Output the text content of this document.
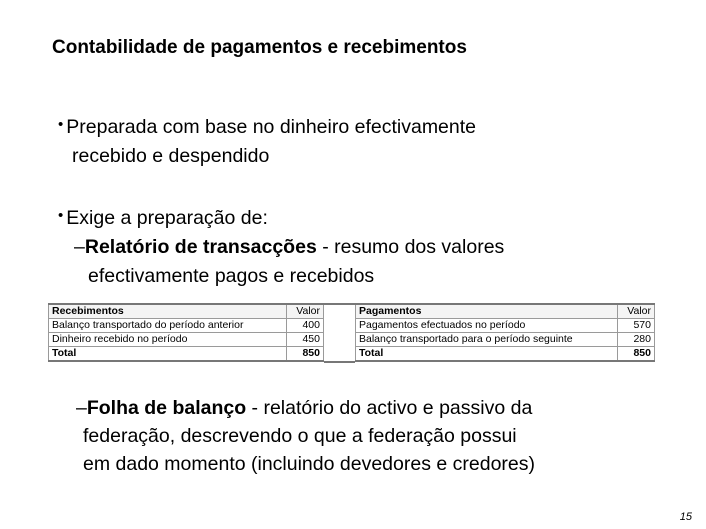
Contabilidade de pagamentos e recebimentos
• Preparada com base no dinheiro efectivamente
recebido e despendido
• Exige a preparação de:
–Relatório de transacções - resumo dos valores
efectivamente pagos e recebidos
Recebimentos	Valor
Balanço transportado do período anterior	400
Dinheiro recebido no período	450
Total	850
Pagamentos	Valor
Pagamentos efectuados no período	570
Balanço transportado para o período seguinte	280
Total	850
–Folha de balanço - relatório do activo e passivo da
federação, descrevendo o que a federação possui
em dado momento (incluindo devedores e credores)
15
